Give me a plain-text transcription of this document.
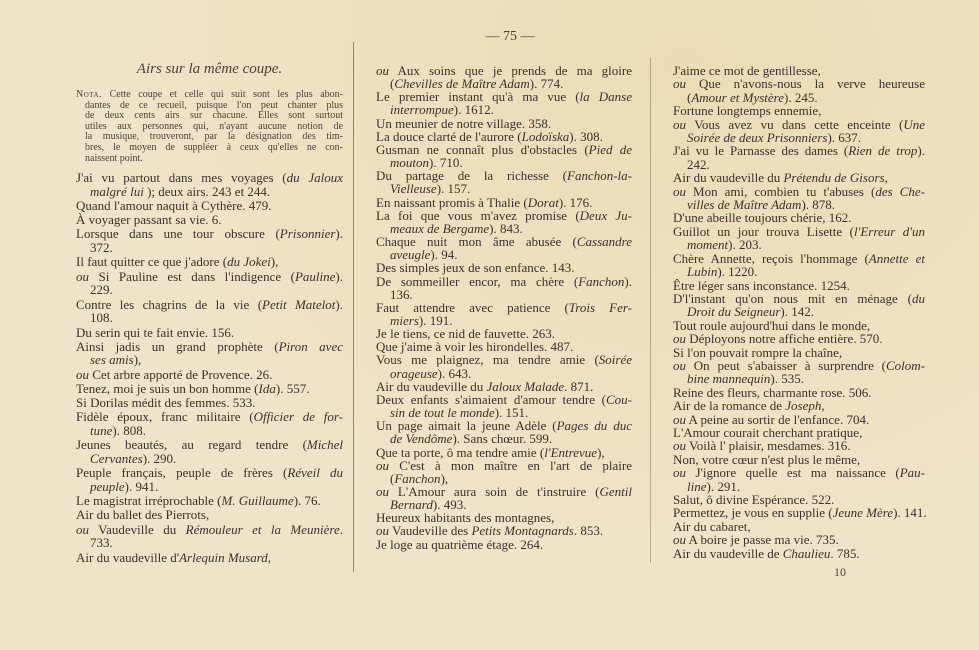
— 75 —
Airs sur la même coupe.
Nota. Cette coupe et celle qui suit sont les plus abon-
dantes de ce recueil, puisque l'on peut chanter plus
de deux cents airs sur chacune. Elles sont surtout
utiles aux personnes qui, n'ayant aucune notion de
la musique, trouveront, par la désignation des tim-
bres, le moyen de suppléer à ceux qu'elles ne con-
naissent point.
J'ai vu partout dans mes voyages (du Jaloux
malgré lui ); deux airs. 243 et 244.
Quand l'amour naquit à Cythère. 479.
À voyager passant sa vie. 6.
Lorsque dans une tour obscure (Prisonnier).
372.
Il faut quitter ce que j'adore (du Jokei),
ou Si Pauline est dans l'indigence (Pauline).
229.
Contre les chagrins de la vie (Petit Matelot).
108.
Du serin qui te fait envie. 156.
Ainsi jadis un grand prophète (Piron avec
ses amis),
ou Cet arbre apporté de Provence. 26.
Tenez, moi je suis un bon homme (Ida). 557.
Si Dorilas médit des femmes. 533.
Fidèle époux, franc militaire (Officier de for-
tune). 808.
Jeunes beautés, au regard tendre (Michel
Cervantes). 290.
Peuple français, peuple de frères (Réveil du
peuple). 941.
Le magistrat irréprochable (M. Guillaume). 76.
Air du ballet des Pierrots,
ou Vaudeville du Rémouleur et la Meunière.
733.
Air du vaudeville d'Arlequin Musard,
ou Aux soins que je prends de ma gloire
(Chevilles de Maître Adam). 774.
Le premier instant qu'à ma vue (la Danse
interrompue). 1612.
Un meunier de notre village. 358.
La douce clarté de l'aurore (Lodoïska). 308.
Gusman ne connaît plus d'obstacles (Pied de
mouton). 710.
Du partage de la richesse (Fanchon-la-
Vielleuse). 157.
En naissant promis à Thalie (Dorat). 176.
La foi que vous m'avez promise (Deux Ju-
meaux de Bergame). 843.
Chaque nuit mon âme abusée (Cassandre
aveugle). 94.
Des simples jeux de son enfance. 143.
De sommeiller encor, ma chère (Fanchon).
136.
Faut attendre avec patience (Trois Fer-
miers). 191.
Je le tiens, ce nid de fauvette. 263.
Que j'aime à voir les hirondelles. 487.
Vous me plaignez, ma tendre amie (Soirée
orageuse). 643.
Air du vaudeville du Jaloux Malade. 871.
Deux enfants s'aimaient d'amour tendre (Cou-
sin de tout le monde). 151.
Un page aimait la jeune Adèle (Pages du duc
de Vendôme). Sans chœur. 599.
Que ta porte, ô ma tendre amie (l'Entrevue),
ou C'est à mon maître en l'art de plaire
(Fanchon),
ou L'Amour aura soin de t'instruire (Gentil
Bernard). 493.
Heureux habitants des montagnes,
ou Vaudeville des Petits Montagnards. 853.
Je loge au quatrième étage. 264.
J'aime ce mot de gentillesse,
ou Que n'avons-nous la verve heureuse
(Amour et Mystère). 245.
Fortune longtemps ennemie,
ou Vous avez vu dans cette enceinte (Une
Soirée de deux Prisonniers). 637.
J'ai vu le Parnasse des dames (Rien de trop).
242.
Air du vaudeville du Prétendu de Gisors,
ou Mon ami, combien tu t'abuses (des Che-
villes de Maître Adam). 878.
D'une abeille toujours chérie, 162.
Guillot un jour trouva Lisette (l'Erreur d'un
moment). 203.
Chère Annette, reçois l'hommage (Annette et
Lubin). 1220.
Être léger sans inconstance. 1254.
D'l'instant qu'on nous mit en ménage (du
Droit du Seigneur). 142.
Tout roule aujourd'hui dans le monde,
ou Déployons notre affiche entière. 570.
Si l'on pouvait rompre la chaîne,
ou On peut s'abaisser à surprendre (Colom-
bine mannequin). 535.
Reine des fleurs, charmante rose. 506.
Air de la romance de Joseph,
ou A peine au sortir de l'enfance. 704.
L'Amour courait cherchant pratique,
ou Voilà l' plaisir, mesdames. 316.
Non, votre cœur n'est plus le même,
ou J'ignore quelle est ma naissance (Pau-
line). 291.
Salut, ô divine Espérance. 522.
Permettez, je vous en supplie (Jeune Mère). 141.
Air du cabaret,
ou A boire je passe ma vie. 735.
Air du vaudeville de Chaulieu. 785.
10
